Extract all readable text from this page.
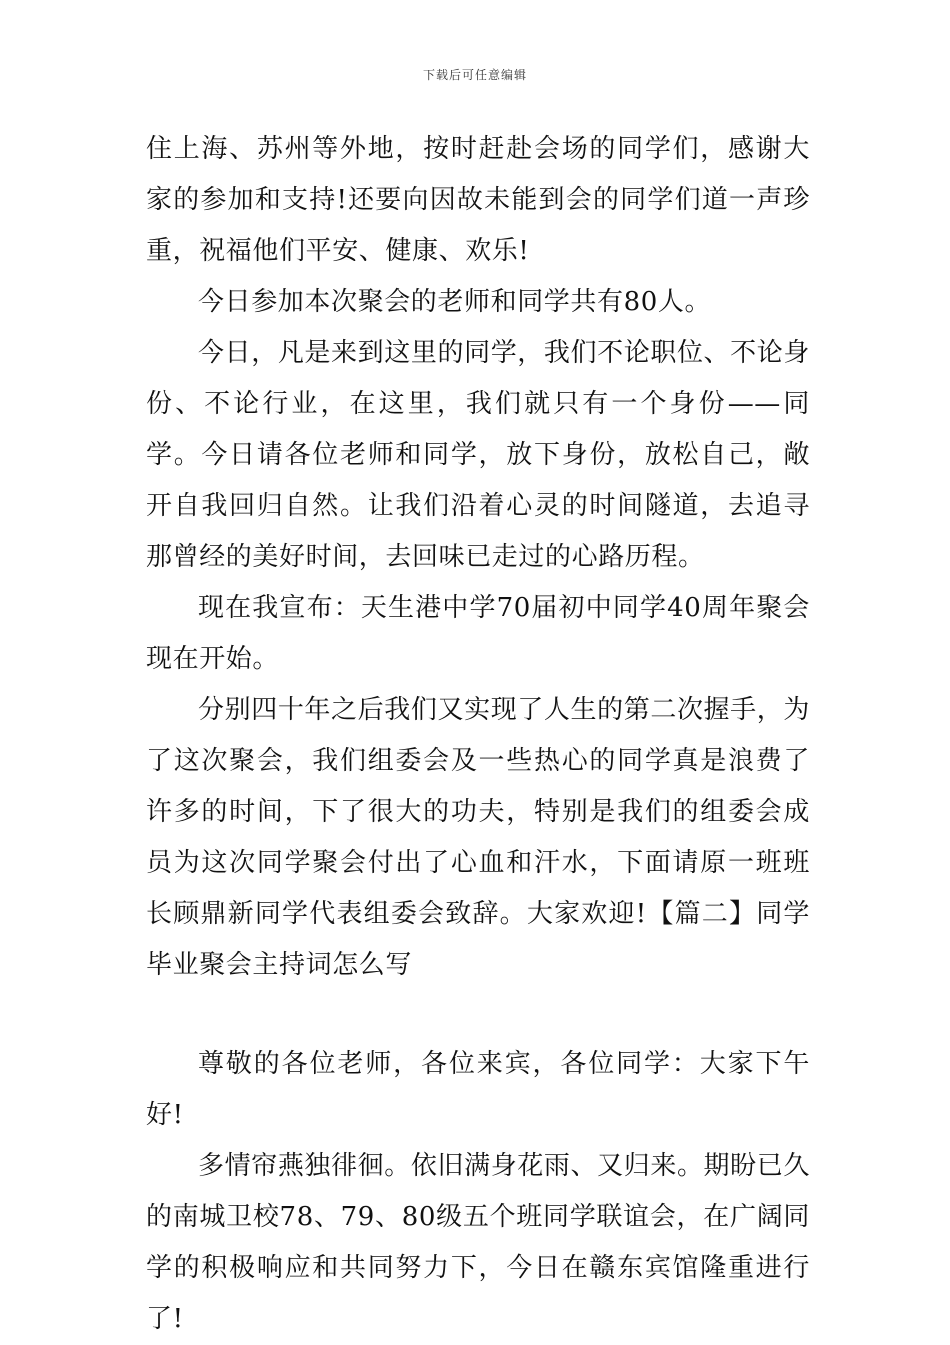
下载后可任意编辑

住上海、苏州等外地，按时赶赴会场的同学们，感谢大家的参加和支持!还要向因故未能到会的同学们道一声珍重，祝福他们平安、健康、欢乐!

今日参加本次聚会的老师和同学共有80人。

今日，凡是来到这里的同学，我们不论职位、不论身份、不论行业，在这里，我们就只有一个身份——同学。今日请各位老师和同学，放下身份，放松自己，敞开自我回归自然。让我们沿着心灵的时间隧道，去追寻那曾经的美好时间，去回味已走过的心路历程。

现在我宣布：天生港中学70届初中同学40周年聚会现在开始。

分别四十年之后我们又实现了人生的第二次握手，为了这次聚会，我们组委会及一些热心的同学真是浪费了许多的时间，下了很大的功夫，特别是我们的组委会成员为这次同学聚会付出了心血和汗水，下面请原一班班长顾鼎新同学代表组委会致辞。大家欢迎!【篇二】同学毕业聚会主持词怎么写

尊敬的各位老师，各位来宾，各位同学：大家下午好!

多情帘燕独徘徊。依旧满身花雨、又归来。期盼已久的南城卫校78、79、80级五个班同学联谊会，在广阔同学的积极响应和共同努力下，今日在赣东宾馆隆重进行了!
